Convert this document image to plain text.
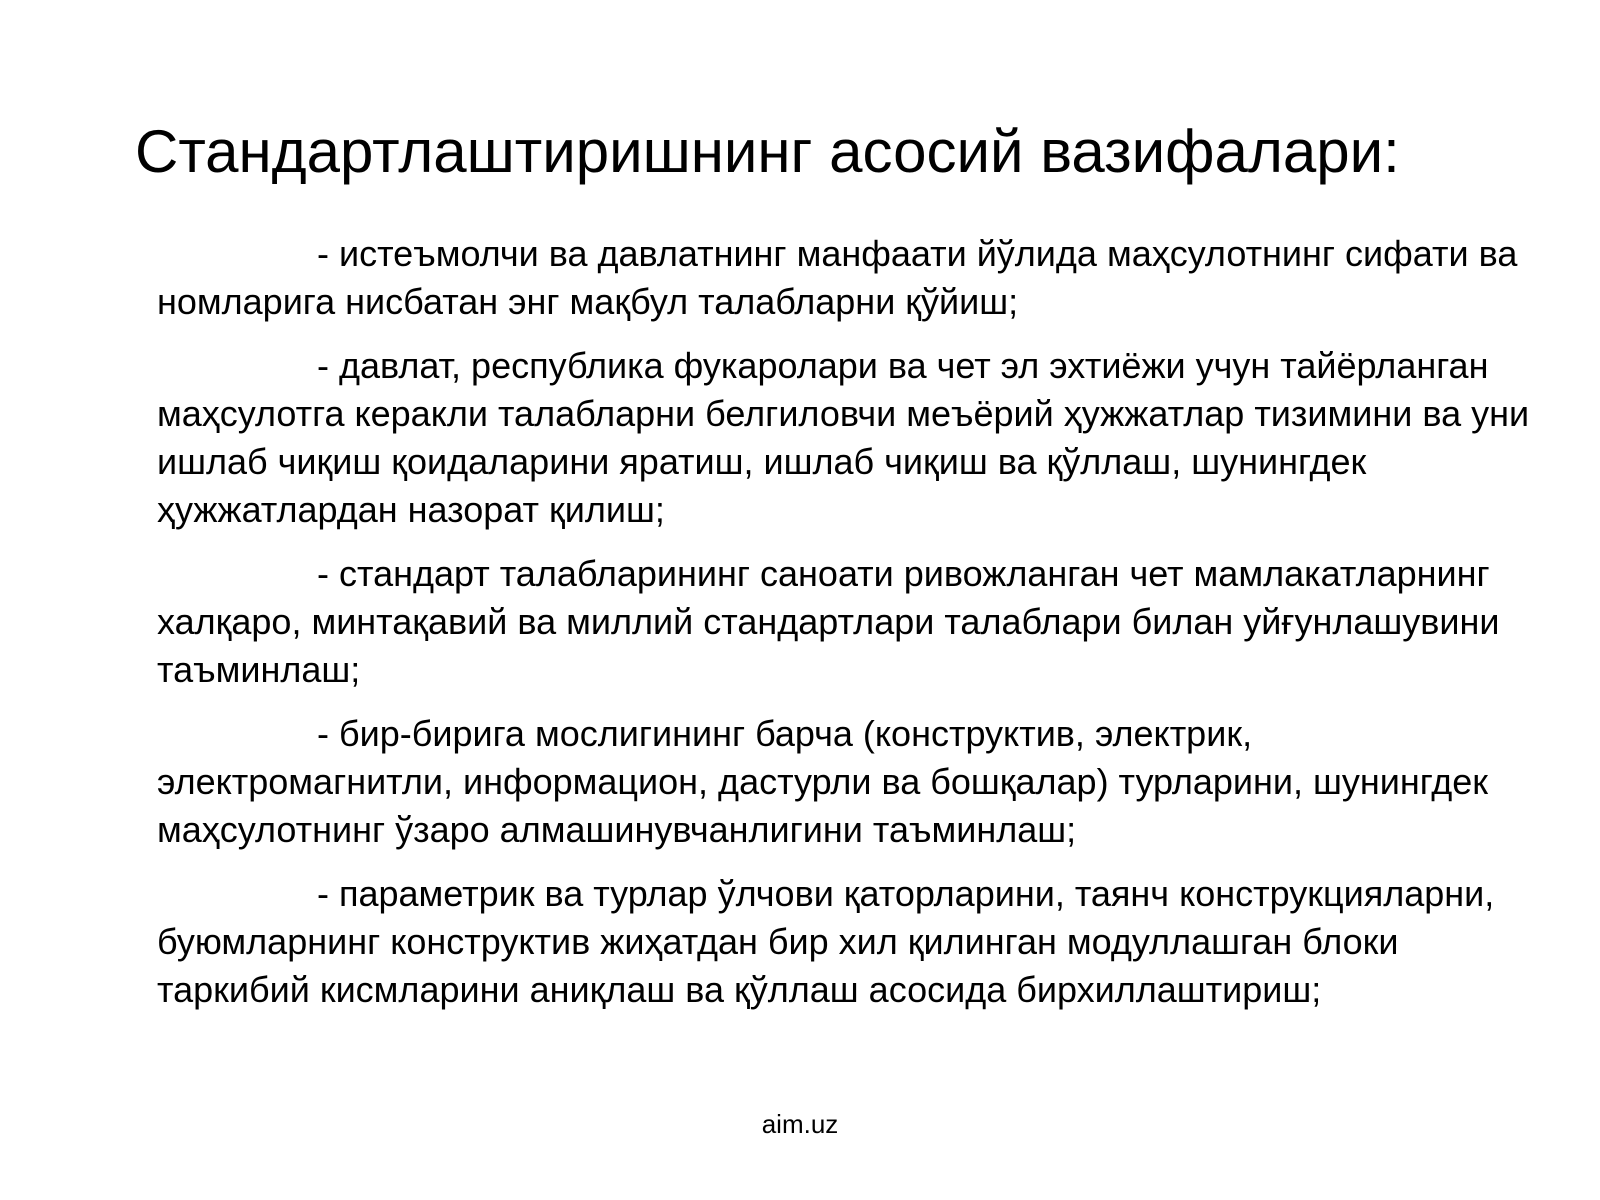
Стандартлаштиришнинг асосий вазифалари:

- истеъмолчи ва давлатнинг манфаати йўлида маҳсулотнинг сифати ва номларига нисбатан энг мақбул талабларни қўйиш;

- давлат, республика фукаролари ва чет эл эхтиёжи учун тайёрланган маҳсулотга керакли талабларни белгиловчи меъёрий ҳужжатлар тизимини ва уни ишлаб чиқиш қоидаларини яратиш, ишлаб чиқиш ва қўллаш, шунингдек ҳужжатлардан назорат қилиш;

- стандарт талабларининг саноати ривожланган чет мамлакатларнинг халқаро, минтақавий ва миллий стандартлари талаблари билан уйғунлашувини таъминлаш;

- бир-бирига мослигининг барча (конструктив, электрик, электромагнитли, информацион, дастурли ва бошқалар) турларини, шунингдек маҳсулотнинг ўзаро алмашинувчанлигини таъминлаш;

- параметрик ва турлар ўлчови қаторларини, таянч конструкцияларни, буюмларнинг конструктив жиҳатдан бир хил қилинган модуллашган блоки таркибий кисмларини аниқлаш ва қўллаш асосида бирхиллаштириш;

aim.uz
